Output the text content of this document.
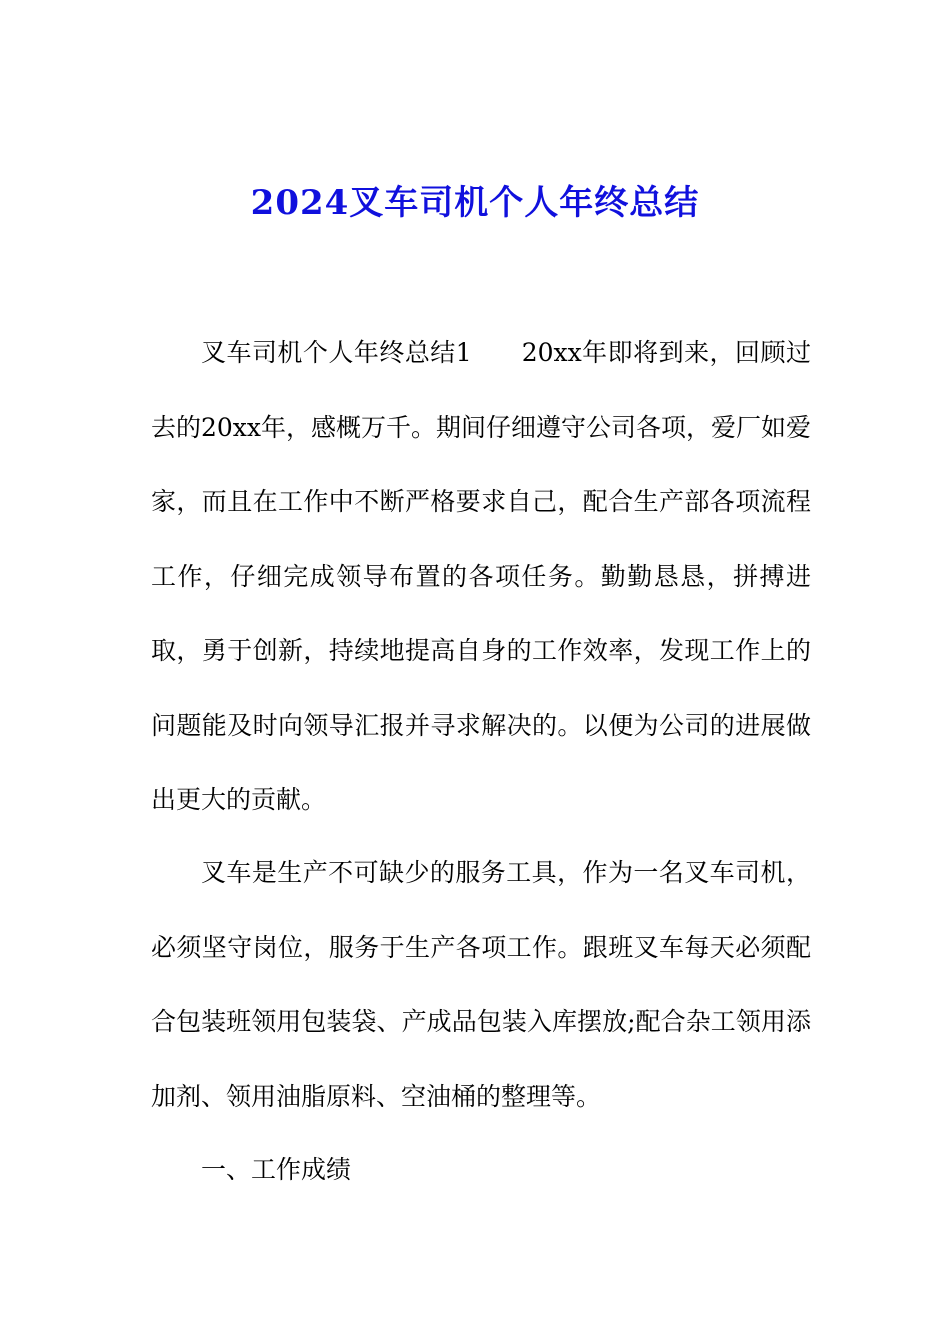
2024叉车司机个人年终总结

叉车司机个人年终总结1 20xx年即将到来，回顾过去的20xx年，感概万千。期间仔细遵守公司各项，爱厂如爱家，而且在工作中不断严格要求自己，配合生产部各项流程工作，仔细完成领导布置的各项任务。勤勤恳恳，拼搏进取，勇于创新，持续地提高自身的工作效率，发现工作上的问题能及时向领导汇报并寻求解决的。以便为公司的进展做出更大的贡献。

叉车是生产不可缺少的服务工具，作为一名叉车司机，必须坚守岗位，服务于生产各项工作。跟班叉车每天必须配合包装班领用包装袋、产成品包装入库摆放;配合杂工领用添加剂、领用油脂原料、空油桶的整理等。

一、工作成绩
